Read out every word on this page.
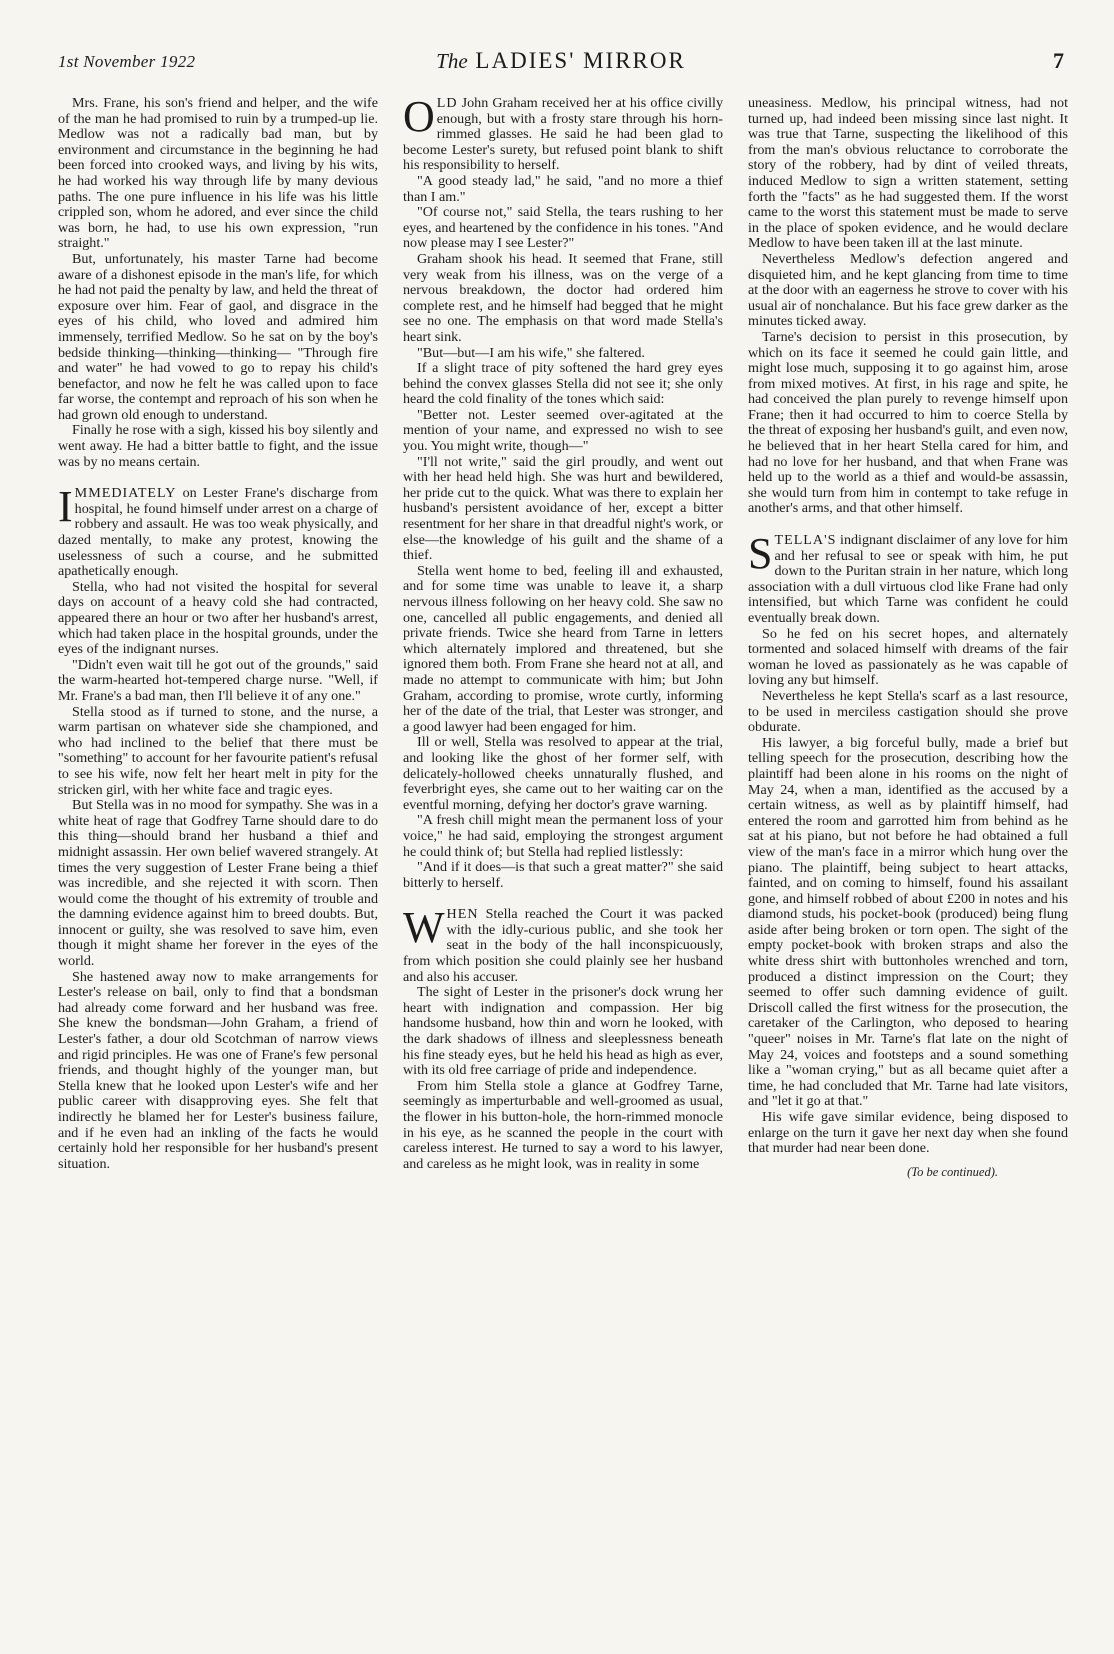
1st November 1922	The LADIES' MIRROR	7

Mrs. Frane, his son's friend and helper, and the wife of the man he had promised to ruin by a trumped-up lie. Medlow was not a radically bad man, but by environment and circumstance in the beginning he had been forced into crooked ways, and living by his wits, he had worked his way through life by many devious paths. The one pure influence in his life was his little crippled son, whom he adored, and ever since the child was born, he had, to use his own expression, "run straight."

But, unfortunately, his master Tarne had become aware of a dishonest episode in the man's life, for which he had not paid the penalty by law, and held the threat of exposure over him. Fear of gaol, and disgrace in the eyes of his child, who loved and admired him immensely, terrified Medlow. So he sat on by the boy's bedside thinking—thinking—thinking— "Through fire and water" he had vowed to go to repay his child's benefactor, and now he felt he was called upon to face far worse, the contempt and reproach of his son when he had grown old enough to understand.

Finally he rose with a sigh, kissed his boy silently and went away. He had a bitter battle to fight, and the issue was by no means certain.

IMMEDIATELY on Lester Frane's discharge from hospital, he found himself under arrest on a charge of robbery and assault. He was too weak physically, and dazed mentally, to make any protest, knowing the uselessness of such a course, and he submitted apathetically enough.

Stella, who had not visited the hospital for several days on account of a heavy cold she had contracted, appeared there an hour or two after her husband's arrest, which had taken place in the hospital grounds, under the eyes of the indignant nurses.

"Didn't even wait till he got out of the grounds," said the warm-hearted hot-tempered charge nurse. "Well, if Mr. Frane's a bad man, then I'll believe it of any one."

Stella stood as if turned to stone, and the nurse, a warm partisan on whatever side she championed, and who had inclined to the belief that there must be "something" to account for her favourite patient's refusal to see his wife, now felt her heart melt in pity for the stricken girl, with her white face and tragic eyes.

But Stella was in no mood for sympathy. She was in a white heat of rage that Godfrey Tarne should dare to do this thing—should brand her husband a thief and midnight assassin. Her own belief wavered strangely. At times the very suggestion of Lester Frane being a thief was incredible, and she rejected it with scorn. Then would come the thought of his extremity of trouble and the damning evidence against him to breed doubts. But, innocent or guilty, she was resolved to save him, even though it might shame her forever in the eyes of the world.

She hastened away now to make arrangements for Lester's release on bail, only to find that a bondsman had already come forward and her husband was free. She knew the bondsman—John Graham, a friend of Lester's father, a dour old Scotchman of narrow views and rigid principles. He was one of Frane's few personal friends, and thought highly of the younger man, but Stella knew that he looked upon Lester's wife and her public career with disapproving eyes. She felt that indirectly he blamed her for Lester's business failure, and if he even had an inkling of the facts he would certainly hold her responsible for her husband's present situation.

OLD John Graham received her at his office civilly enough, but with a frosty stare through his horn-rimmed glasses. He said he had been glad to become Lester's surety, but refused point blank to shift his responsibility to herself.

"A good steady lad," he said, "and no more a thief than I am."

"Of course not," said Stella, the tears rushing to her eyes, and heartened by the confidence in his tones. "And now please may I see Lester?"

Graham shook his head. It seemed that Frane, still very weak from his illness, was on the verge of a nervous breakdown, the doctor had ordered him complete rest, and he himself had begged that he might see no one. The emphasis on that word made Stella's heart sink.

"But—but—I am his wife," she faltered.

If a slight trace of pity softened the hard grey eyes behind the convex glasses Stella did not see it; she only heard the cold finality of the tones which said:

"Better not. Lester seemed over-agitated at the mention of your name, and expressed no wish to see you. You might write, though—"

"I'll not write," said the girl proudly, and went out with her head held high. She was hurt and bewildered, her pride cut to the quick. What was there to explain her husband's persistent avoidance of her, except a bitter resentment for her share in that dreadful night's work, or else—the knowledge of his guilt and the shame of a thief.

Stella went home to bed, feeling ill and exhausted, and for some time was unable to leave it, a sharp nervous illness following on her heavy cold. She saw no one, cancelled all public engagements, and denied all private friends. Twice she heard from Tarne in letters which alternately implored and threatened, but she ignored them both. From Frane she heard not at all, and made no attempt to communicate with him; but John Graham, according to promise, wrote curtly, informing her of the date of the trial, that Lester was stronger, and a good lawyer had been engaged for him.

Ill or well, Stella was resolved to appear at the trial, and looking like the ghost of her former self, with delicately-hollowed cheeks unnaturally flushed, and feverbright eyes, she came out to her waiting car on the eventful morning, defying her doctor's grave warning.

"A fresh chill might mean the permanent loss of your voice," he had said, employing the strongest argument he could think of; but Stella had replied listlessly:

"And if it does—is that such a great matter?" she said bitterly to herself.

WHEN Stella reached the Court it was packed with the idly-curious public, and she took her seat in the body of the hall inconspicuously, from which position she could plainly see her husband and also his accuser.

The sight of Lester in the prisoner's dock wrung her heart with indignation and compassion. Her big handsome husband, how thin and worn he looked, with the dark shadows of illness and sleeplessness beneath his fine steady eyes, but he held his head as high as ever, with its old free carriage of pride and independence.

From him Stella stole a glance at Godfrey Tarne, seemingly as imperturbable and well-groomed as usual, the flower in his button-hole, the horn-rimmed monocle in his eye, as he scanned the people in the court with careless interest. He turned to say a word to his lawyer, and careless as he might look, was in reality in some

uneasiness. Medlow, his principal witness, had not turned up, had indeed been missing since last night. It was true that Tarne, suspecting the likelihood of this from the man's obvious reluctance to corroborate the story of the robbery, had by dint of veiled threats, induced Medlow to sign a written statement, setting forth the "facts" as he had suggested them. If the worst came to the worst this statement must be made to serve in the place of spoken evidence, and he would declare Medlow to have been taken ill at the last minute.

Nevertheless Medlow's defection angered and disquieted him, and he kept glancing from time to time at the door with an eagerness he strove to cover with his usual air of nonchalance. But his face grew darker as the minutes ticked away.

Tarne's decision to persist in this prosecution, by which on its face it seemed he could gain little, and might lose much, supposing it to go against him, arose from mixed motives. At first, in his rage and spite, he had conceived the plan purely to revenge himself upon Frane; then it had occurred to him to coerce Stella by the threat of exposing her husband's guilt, and even now, he believed that in her heart Stella cared for him, and had no love for her husband, and that when Frane was held up to the world as a thief and would-be assassin, she would turn from him in contempt to take refuge in another's arms, and that other himself.

STELLA'S indignant disclaimer of any love for him and her refusal to see or speak with him, he put down to the Puritan strain in her nature, which long association with a dull virtuous clod like Frane had only intensified, but which Tarne was confident he could eventually break down.

So he fed on his secret hopes, and alternately tormented and solaced himself with dreams of the fair woman he loved as passionately as he was capable of loving any but himself.

Nevertheless he kept Stella's scarf as a last resource, to be used in merciless castigation should she prove obdurate.

His lawyer, a big forceful bully, made a brief but telling speech for the prosecution, describing how the plaintiff had been alone in his rooms on the night of May 24, when a man, identified as the accused by a certain witness, as well as by plaintiff himself, had entered the room and garrotted him from behind as he sat at his piano, but not before he had obtained a full view of the man's face in a mirror which hung over the piano. The plaintiff, being subject to heart attacks, fainted, and on coming to himself, found his assailant gone, and himself robbed of about £200 in notes and his diamond studs, his pocket-book (produced) being flung aside after being broken or torn open. The sight of the empty pocket-book with broken straps and also the white dress shirt with buttonholes wrenched and torn, produced a distinct impression on the Court; they seemed to offer such damning evidence of guilt. Driscoll called the first witness for the prosecution, the caretaker of the Carlington, who deposed to hearing "queer" noises in Mr. Tarne's flat late on the night of May 24, voices and footsteps and a sound something like a "woman crying," but as all became quiet after a time, he had concluded that Mr. Tarne had late visitors, and "let it go at that."

His wife gave similar evidence, being disposed to enlarge on the turn it gave her next day when she found that murder had near been done.

(To be continued).
